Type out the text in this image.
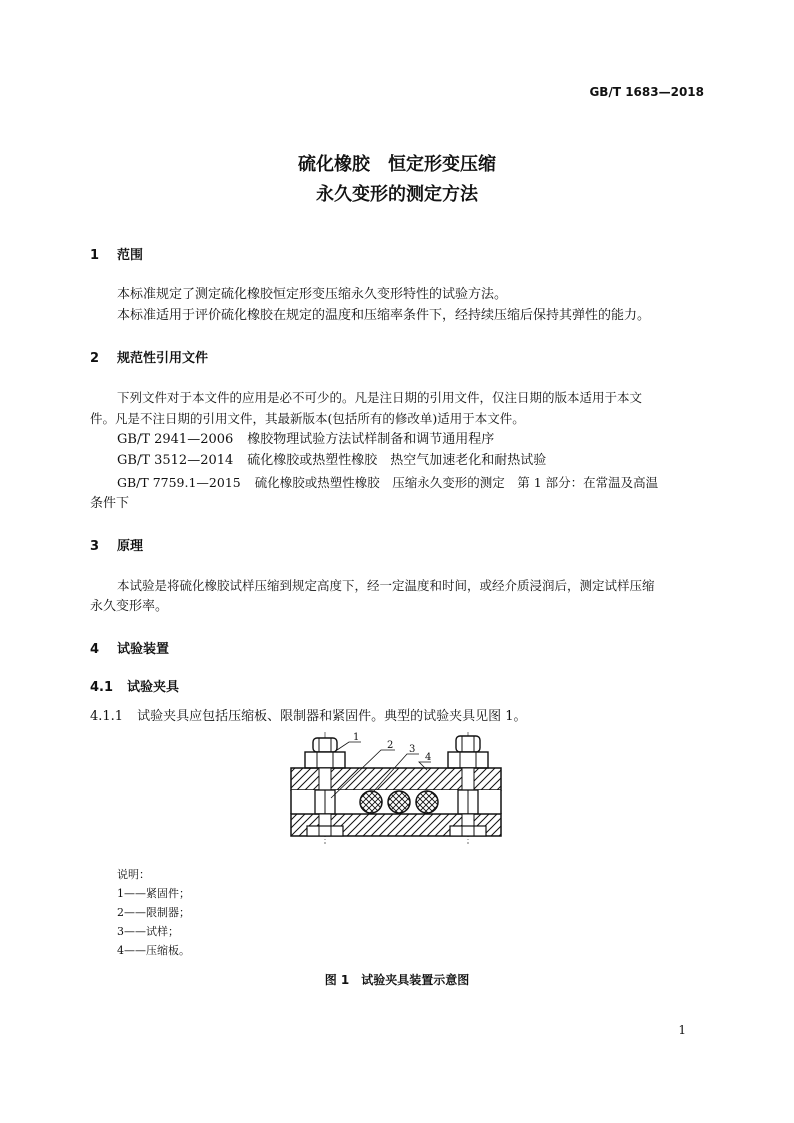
GB/T 1683—2018
硫化橡胶　恒定形变压缩
永久变形的测定方法
1 范围
本标准规定了测定硫化橡胶恒定形变压缩永久变形特性的试验方法。
本标准适用于评价硫化橡胶在规定的温度和压缩率条件下，经持续压缩后保持其弹性的能力。
2 规范性引用文件
下列文件对于本文件的应用是必不可少的。凡是注日期的引用文件，仅注日期的版本适用于本文
件。凡是不注日期的引用文件，其最新版本(包括所有的修改单)适用于本文件。
GB/T 2941—2006 橡胶物理试验方法试样制备和调节通用程序
GB/T 3512—2014 硫化橡胶或热塑性橡胶　热空气加速老化和耐热试验
GB/T 7759.1—2015 硫化橡胶或热塑性橡胶　压缩永久变形的测定　第 1 部分：在常温及高温
条件下
3 原理
本试验是将硫化橡胶试样压缩到规定高度下，经一定温度和时间，或经介质浸润后，测定试样压缩
永久变形率。
4 试验装置
4.1 试验夹具
4.1.1 试验夹具应包括压缩板、限制器和紧固件。典型的试验夹具见图 1。
1
2 3
4
说明：
1——紧固件；
2——限制器；
3——试样；
4——压缩板。
图 1　试验夹具装置示意图
1
